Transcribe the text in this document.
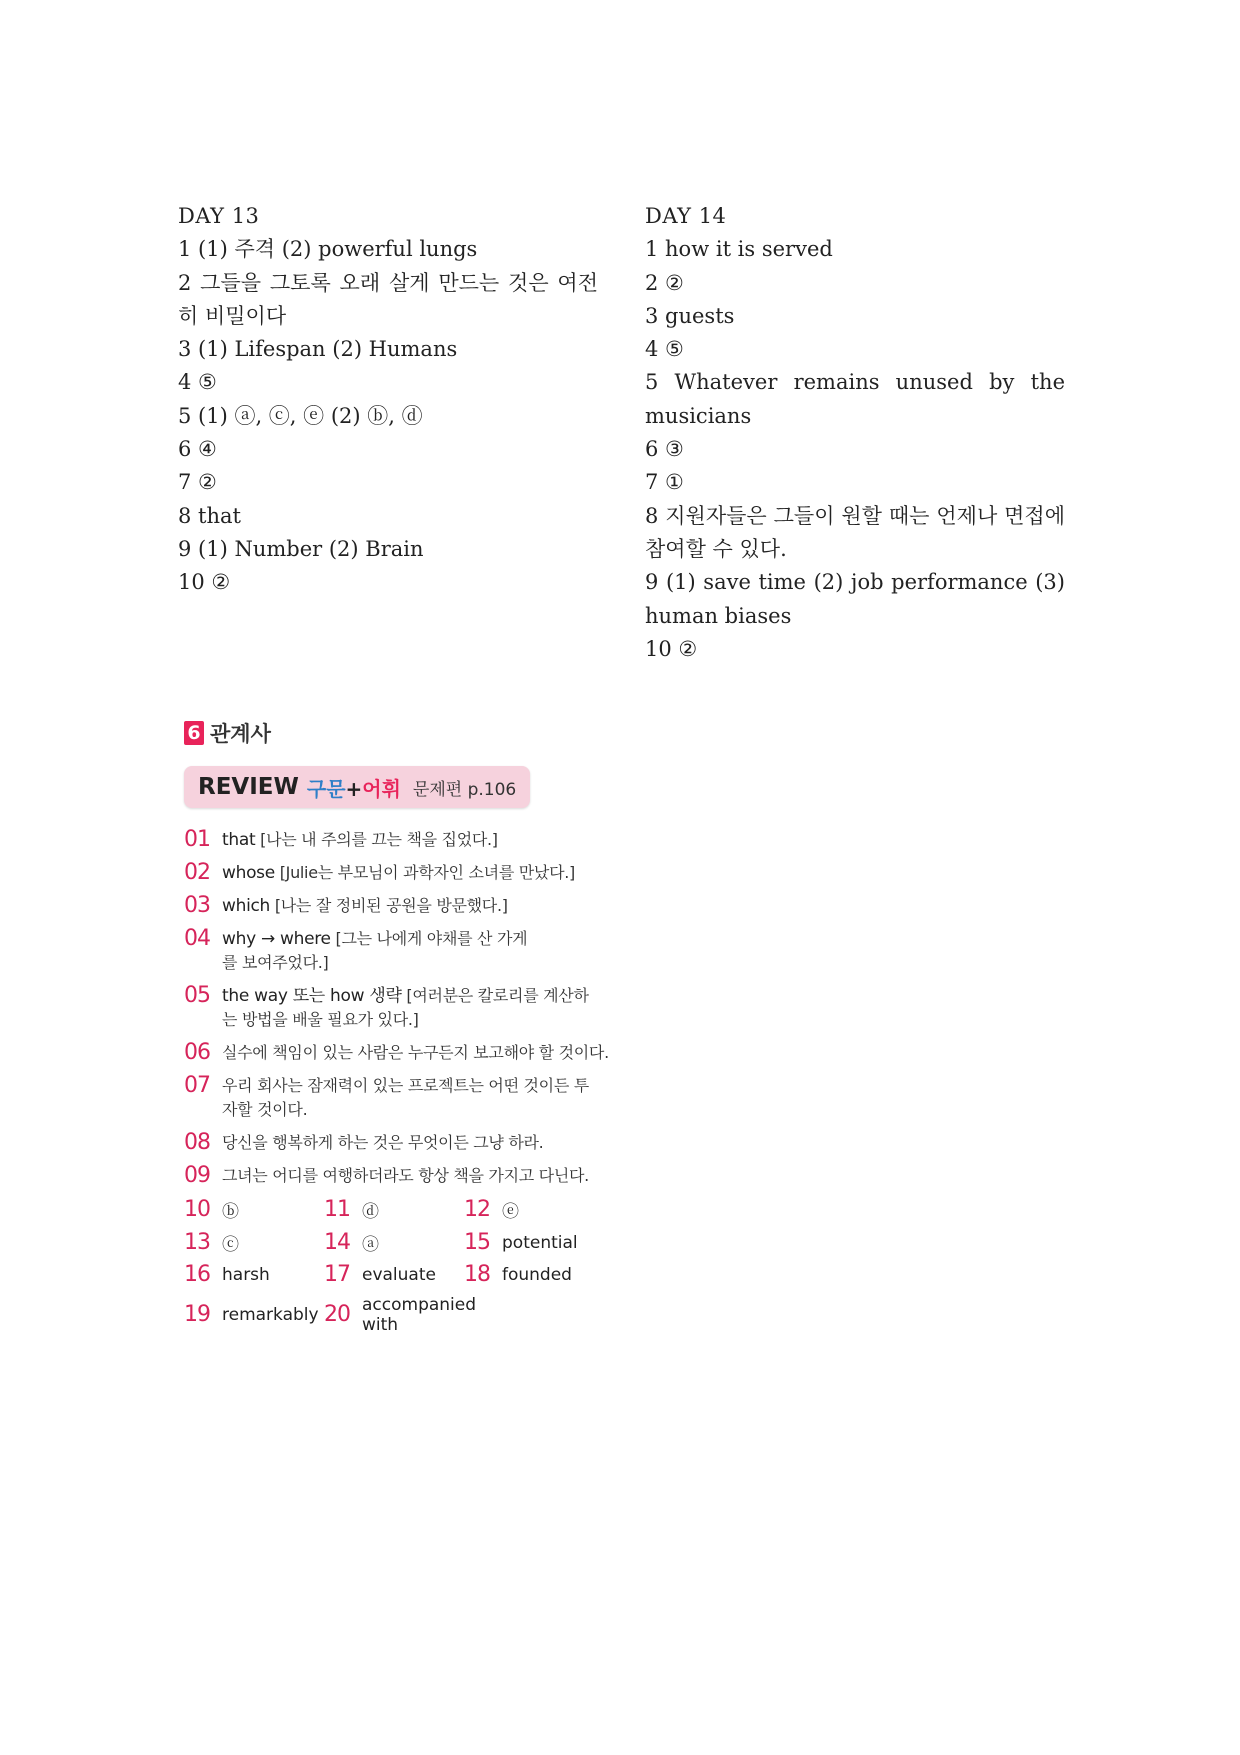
DAY 13
1 (1) 주격 (2) powerful lungs
2 그들을 그토록 오래 살게 만드는 것은 여전히 비밀이다
3 (1) Lifespan (2) Humans
4 ⑤
5 (1) ⓐ, ⓒ, ⓔ (2) ⓑ, ⓓ
6 ④
7 ②
8 that
9 (1) Number (2) Brain
10 ②
DAY 14
1 how it is served
2 ②
3 guests
4 ⑤
5 Whatever remains unused by the musicians
6 ③
7 ①
8 지원자들은 그들이 원할 때는 언제나 면접에 참여할 수 있다.
9 (1) save time (2) job performance (3) human biases
10 ②
6 관계사
REVIEW 구문+어휘 문제편 p.106
01 that [나는 내 주의를 끄는 책을 집었다.]
02 whose [Julie는 부모님이 과학자인 소녀를 만났다.]
03 which [나는 잘 정비된 공원을 방문했다.]
04 why → where [그는 나에게 야채를 산 가게를 보여주었다.]
05 the way 또는 how 생략 [여러분은 칼로리를 계산하는 방법을 배울 필요가 있다.]
06 실수에 책임이 있는 사람은 누구든지 보고해야 할 것이다.
07 우리 회사는 잠재력이 있는 프로젝트는 어떤 것이든 투자할 것이다.
08 당신을 행복하게 하는 것은 무엇이든 그냥 하라.
09 그녀는 어디를 여행하더라도 항상 책을 가지고 다닌다.
10 ⓑ	11 ⓓ	12 ⓔ
13 ⓒ	14 ⓐ	15 potential
16 harsh 17 evaluate 18 founded
19 remarkably 20 accompanied with
